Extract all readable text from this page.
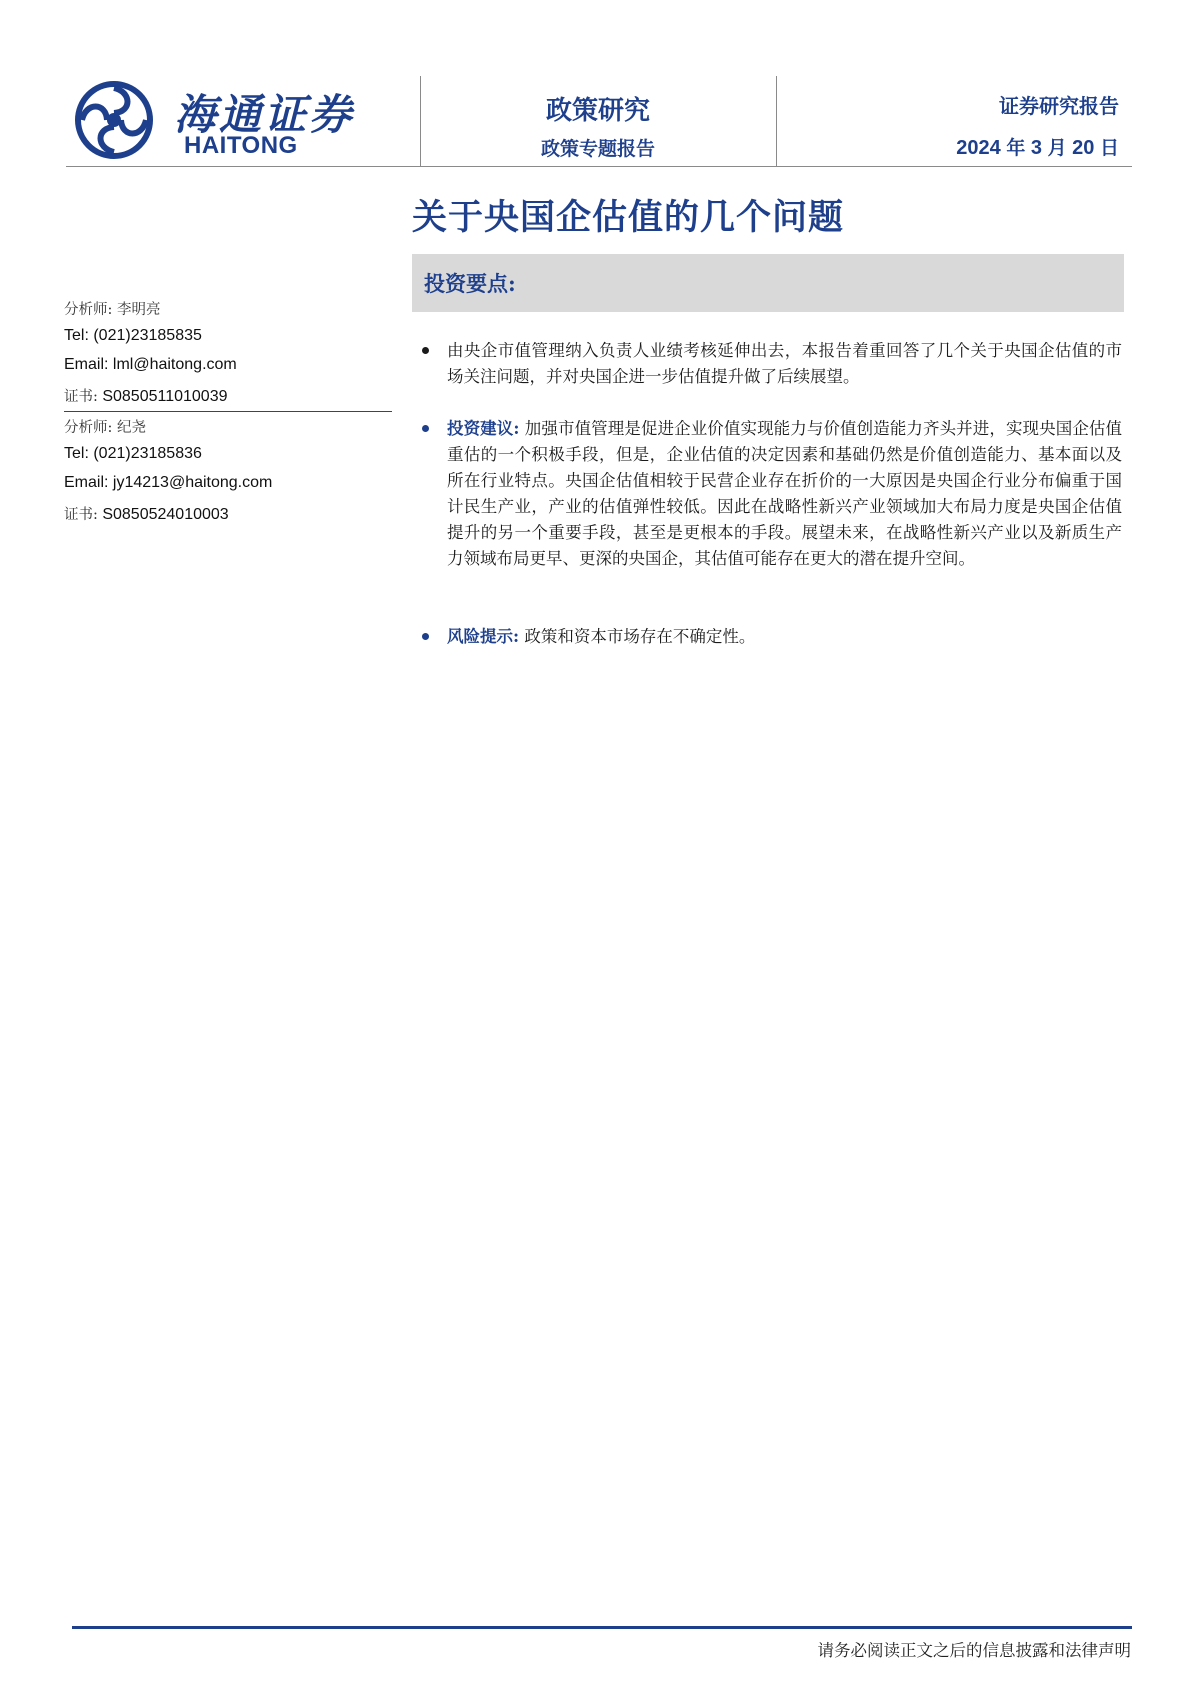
海通证券
HAITONG
政策研究
政策专题报告
证券研究报告
2024 年 3 月 20 日
关于央国企估值的几个问题
投资要点:
分析师: 李明亮
Tel: (021)23185835
Email: lml@haitong.com
证书: S0850511010039
分析师: 纪尧
Tel: (021)23185836
Email: jy14213@haitong.com
证书: S0850524010003
由央企市值管理纳入负责人业绩考核延伸出去，本报告着重回答了几个关于央国企估值的市场关注问题，并对央国企进一步估值提升做了后续展望。
投资建议: 加强市值管理是促进企业价值实现能力与价值创造能力齐头并进，实现央国企估值重估的一个积极手段，但是，企业估值的决定因素和基础仍然是价值创造能力、基本面以及所在行业特点。央国企估值相较于民营企业存在折价的一大原因是央国企行业分布偏重于国计民生产业，产业的估值弹性较低。因此在战略性新兴产业领域加大布局力度是央国企估值提升的另一个重要手段，甚至是更根本的手段。展望未来，在战略性新兴产业以及新质生产力领域布局更早、更深的央国企，其估值可能存在更大的潜在提升空间。
风险提示: 政策和资本市场存在不确定性。
请务必阅读正文之后的信息披露和法律声明
